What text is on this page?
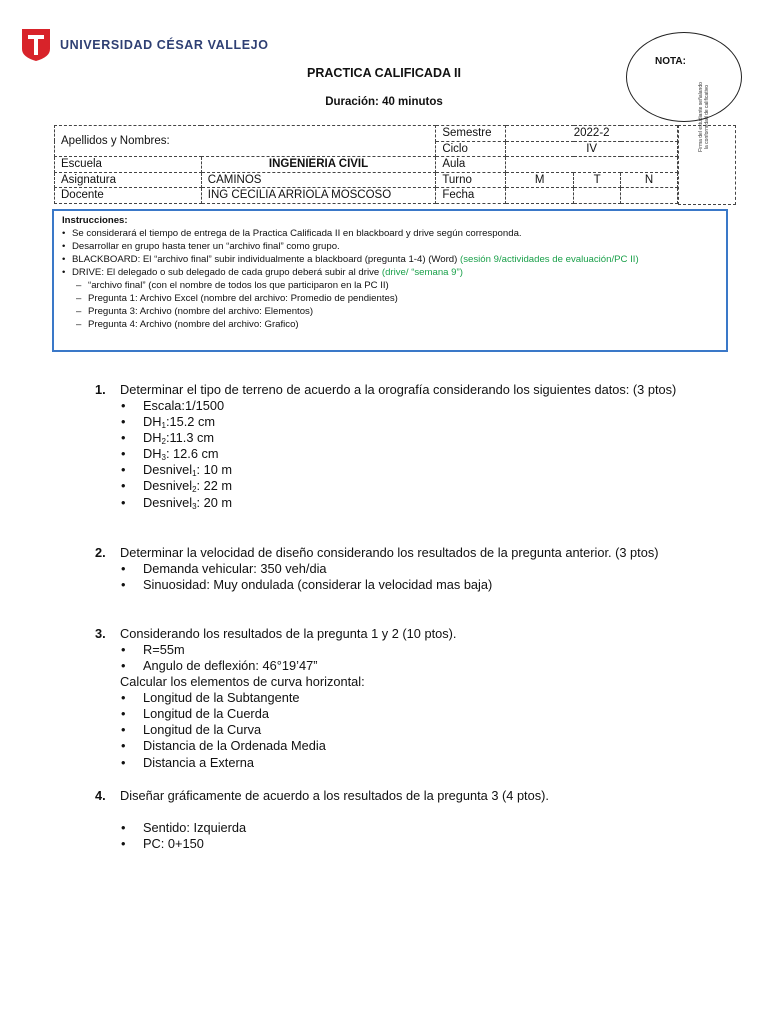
UNIVERSIDAD CÉSAR VALLEJO
NOTA:
Firma del estudiante señalando la conformidad de calificativo
PRACTICA CALIFICADA II
Duración: 40 minutos
Apellidos y Nombres:		Semestre	2022-2		
		Ciclo	IV		
Escuela	INGENIERIA CIVIL	Aula			
Asignatura	CAMINOS	Turno	M	T	N
Docente	ING CECILIA ARRIOLA MOSCOSO	Fecha			
Instrucciones:
• Se considerará el tiempo de entrega de la Practica Calificada II en blackboard y drive según corresponda.
• Desarrollar en grupo hasta tener un “archivo final” como grupo.
• BLACKBOARD: El “archivo final” subir individualmente a blackboard (pregunta 1-4) (Word) (sesión 9/actividades de evaluación/PC II)
• DRIVE: El delegado o sub delegado de cada grupo deberá subir al drive (drive/ “semana 9”)
– “archivo final” (con el nombre de todos los que participaron en la PC II)
– Pregunta 1: Archivo Excel (nombre del archivo: Promedio de pendientes)
– Pregunta 3: Archivo (nombre del archivo: Elementos)
– Pregunta 4: Archivo (nombre del archivo: Grafico)
1. Determinar el tipo de terreno de acuerdo a la orografía considerando los siguientes datos: (3 ptos)
• Escala:1/1500
• $DH_1:15.2$ cm
• $DH_2:11.3$ cm
• $DH_3$: 12.6 cm
• Desnivel$_1$: 10 m
• Desnivel$_2$: 22 m
• Desnivel$_3$: 20 m
2. Determinar la velocidad de diseño considerando los resultados de la pregunta anterior. (3 ptos)
• Demanda vehicular: 350 veh/dia
• Sinuosidad: Muy ondulada (considerar la velocidad mas baja)
3. Considerando los resultados de la pregunta 1 y 2 (10 ptos).
• R=55m
• Angulo de deflexión: 46°19’47”
Calcular los elementos de curva horizontal:
• Longitud de la Subtangente
• Longitud de la Cuerda
• Longitud de la Curva
• Distancia de la Ordenada Media
• Distancia a Externa
4. Diseñar gráficamente de acuerdo a los resultados de la pregunta 3 (4 ptos).
• Sentido: Izquierda
• PC: 0+150
